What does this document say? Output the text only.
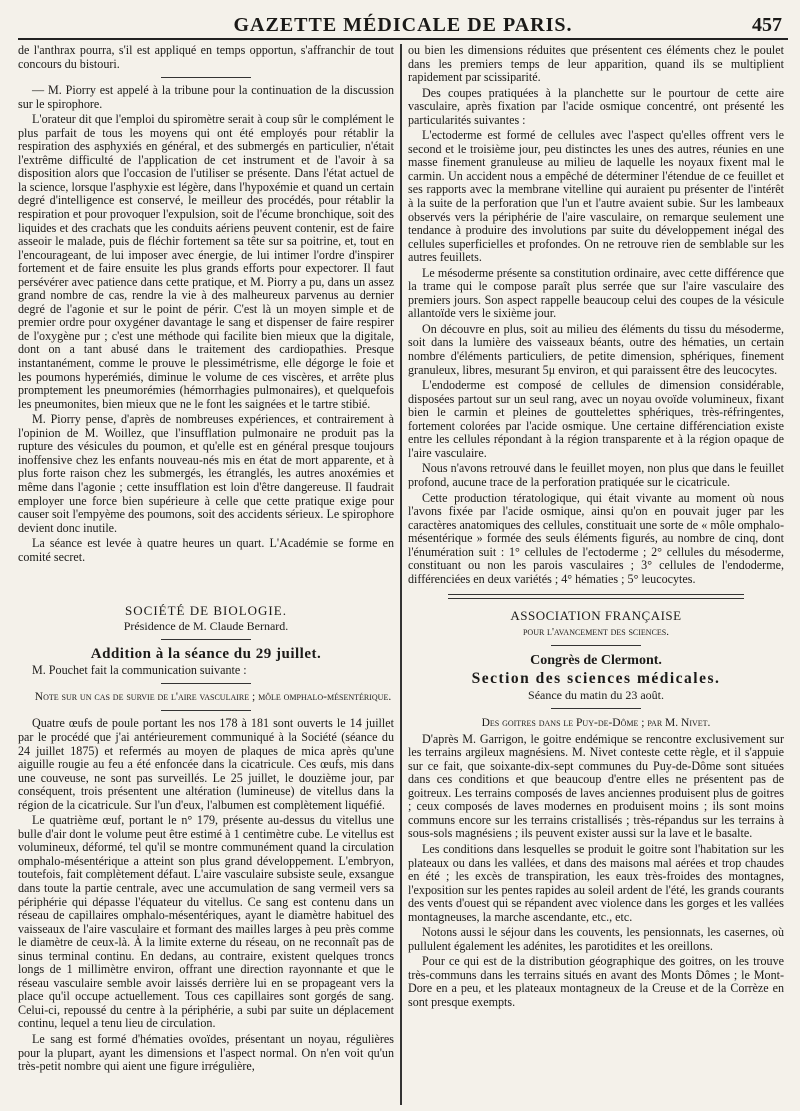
GAZETTE MÉDICALE DE PARIS.	457

de l'anthrax pourra, s'il est appliqué en temps opportun, s'affranchir de tout concours du bistouri.

— M. Piorry est appelé à la tribune pour la continuation de la discussion sur le spirophore.

L'orateur dit que l'emploi du spiromètre serait à coup sûr le complément le plus parfait de tous les moyens qui ont été employés pour rétablir la respiration des asphyxiés en général, et des submergés en particulier, n'était l'extrême difficulté de l'application de cet instrument et de l'avoir à sa disposition alors que l'occasion de l'utiliser se présente. Dans l'état actuel de la science, lorsque l'asphyxie est légère, dans l'hypoxémie et quand un certain degré d'intelligence est conservé, le meilleur des procédés, pour rétablir la respiration et pour provoquer l'expulsion, soit de l'écume bronchique, soit des liquides et des crachats que les conduits aériens peuvent contenir, est de faire asseoir le malade, puis de fléchir fortement sa tête sur sa poitrine, et, tout en l'encourageant, de lui imposer avec énergie, de lui intimer l'ordre d'inspirer fortement et de faire ensuite les plus grands efforts pour expectorer. Il faut persévérer avec patience dans cette pratique, et M. Piorry a pu, dans un assez grand nombre de cas, rendre la vie à des malheureux parvenus au dernier degré de l'agonie et sur le point de périr. C'est là un moyen simple et de premier ordre pour oxygéner davantage le sang et dispenser de faire respirer de l'oxygène pur ; c'est une méthode qui facilite bien mieux que la digitale, dont on a tant abusé dans le traitement des cardiopathies. Presque instantanément, comme le prouve le plessimétrisme, elle dégorge le foie et les poumons hyperémiés, diminue le volume de ces viscères, et arrête plus promptement les pneumorémies (hémorrhagies pulmonaires), et quelquefois les pneumonites, bien mieux que ne le font les saignées et le tartre stibié.

M. Piorry pense, d'après de nombreuses expériences, et contrairement à l'opinion de M. Woillez, que l'insufflation pulmonaire ne produit pas la rupture des vésicules du poumon, et qu'elle est en général presque toujours inoffensive chez les enfants nouveau-nés mis en état de mort apparente, et à plus forte raison chez les submergés, les étranglés, les autres anoxémies et même dans l'agonie ; cette insufflation est loin d'être dangereuse. Il faudrait employer une force bien supérieure à celle que cette pratique exige pour causer soit l'empyème des poumons, soit des accidents sérieux. Le spirophore devient donc inutile.

La séance est levée à quatre heures un quart. L'Académie se forme en comité secret.

SOCIÉTÉ DE BIOLOGIE.

Présidence de M. Claude Bernard.

Addition à la séance du 29 juillet.

M. Pouchet fait la communication suivante :

Note sur un cas de survie de l'aire vasculaire ; môle omphalo-mésentérique.

Quatre œufs de poule portant les nos 178 à 181 sont ouverts le 14 juillet par le procédé que j'ai antérieurement communiqué à la Société (séance du 24 juillet 1875) et refermés au moyen de plaques de mica après qu'une aiguille rougie au feu a été enfoncée dans la cicatricule. Ces œufs, mis dans une couveuse, ne sont pas surveillés. Le 25 juillet, le douzième jour, par conséquent, trois présentent une altération (lumineuse) de vitellus dans la région de la cicatricule. Sur l'un d'eux, l'albumen est complètement liquéfié.

Le quatrième œuf, portant le n° 179, présente au-dessus du vitellus une bulle d'air dont le volume peut être estimé à 1 centimètre cube. Le vitellus est volumineux, déformé, tel qu'il se montre communément quand la circulation omphalo-mésentérique a atteint son plus grand développement. L'embryon, toutefois, fait complètement défaut. L'aire vasculaire subsiste seule, exsangue dans toute la partie centrale, avec une accumulation de sang vermeil vers sa périphérie qui dépasse l'équateur du vitellus. Ce sang est contenu dans un réseau de capillaires omphalo-mésentériques, ayant le diamètre habituel des vaisseaux de l'aire vasculaire et formant des mailles larges à peu près comme le diamètre de ceux-là. À la limite externe du réseau, on ne reconnaît pas de sinus terminal continu. En dedans, au contraire, existent quelques troncs longs de 1 millimètre environ, offrant une direction rayonnante et que le réseau vasculaire semble avoir laissés derrière lui en se propageant vers la place qu'il occupe actuellement. Tous ces capillaires sont gorgés de sang. Celui-ci, repoussé du centre à la périphérie, a subi par suite un déplacement continu, lequel a tenu lieu de circulation.

Le sang est formé d'hématies ovoïdes, présentant un noyau, régulières pour la plupart, ayant les dimensions et l'aspect normal. On n'en voit qu'un très-petit nombre qui aient une figure irrégulière,

ou bien les dimensions réduites que présentent ces éléments chez le poulet dans les premiers temps de leur apparition, quand ils se multiplient rapidement par scissiparité.

Des coupes pratiquées à la planchette sur le pourtour de cette aire vasculaire, après fixation par l'acide osmique concentré, ont présenté les particularités suivantes :

L'ectoderme est formé de cellules avec l'aspect qu'elles offrent vers le second et le troisième jour, peu distinctes les unes des autres, réunies en une masse finement granuleuse au milieu de laquelle les noyaux fixent mal le carmin. Un accident nous a empêché de déterminer l'étendue de ce feuillet et ses rapports avec la membrane vitelline qui auraient pu présenter de l'intérêt à la suite de la perforation que l'un et l'autre avaient subie. Sur les lambeaux observés vers la périphérie de l'aire vasculaire, on remarque seulement une tendance à produire des involutions par suite du développement inégal des cellules superficielles et profondes. On ne retrouve rien de semblable sur les autres feuillets.

Le mésoderme présente sa constitution ordinaire, avec cette différence que la trame qui le compose paraît plus serrée que sur l'aire vasculaire des premiers jours. Son aspect rappelle beaucoup celui des coupes de la vésicule allantoïde vers le sixième jour.

On découvre en plus, soit au milieu des éléments du tissu du mésoderme, soit dans la lumière des vaisseaux béants, outre des hématies, un certain nombre d'éléments particuliers, de petite dimension, sphériques, finement granuleux, libres, mesurant 5μ environ, et qui paraissent être des leucocytes.

L'endoderme est composé de cellules de dimension considérable, disposées partout sur un seul rang, avec un noyau ovoïde volumineux, fixant bien le carmin et pleines de gouttelettes sphériques, très-réfringentes, fortement colorées par l'acide osmique. Une certaine différenciation existe entre les cellules répondant à la région transparente et à la région opaque de l'aire vasculaire.

Nous n'avons retrouvé dans le feuillet moyen, non plus que dans le feuillet profond, aucune trace de la perforation pratiquée sur le cicatricule.

Cette production tératologique, qui était vivante au moment où nous l'avons fixée par l'acide osmique, ainsi qu'on en pouvait juger par les caractères anatomiques des cellules, constituait une sorte de « môle omphalo-mésentérique » formée des seuls éléments figurés, au nombre de cinq, dont l'énumération suit : 1° cellules de l'ectoderme ; 2° cellules du mésoderme, constituant ou non les parois vasculaires ; 3° cellules de l'endoderme, différenciées en deux variétés ; 4° hématies ; 5° leucocytes.

ASSOCIATION FRANÇAISE

pour l'avancement des sciences.

Congrès de Clermont.

Section des sciences médicales.

Séance du matin du 23 août.

Des goitres dans le Puy-de-Dôme ; par M. Nivet.

D'après M. Garrigon, le goitre endémique se rencontre exclusivement sur les terrains argileux magnésiens. M. Nivet conteste cette règle, et il s'appuie sur ce fait, que soixante-dix-sept communes du Puy-de-Dôme sont situées dans ces conditions et que beaucoup d'entre elles ne présentent pas de goitreux. Les terrains composés de laves anciennes produisent plus de goitres ; ceux composés de laves modernes en produisent moins ; ils sont moins communs encore sur les terrains cristallisés ; très-répandus sur les terrains à sous-sols magnésiens ; ils peuvent exister aussi sur la lave et le basalte.

Les conditions dans lesquelles se produit le goitre sont l'habitation sur les plateaux ou dans les vallées, et dans des maisons mal aérées et trop chaudes en été ; les excès de transpiration, les eaux très-froides des montagnes, l'exposition sur les pentes rapides au soleil ardent de l'été, les grands courants des vents d'ouest qui se répandent avec violence dans les gorges et les vallées montagneuses, la marche ascendante, etc., etc.

Notons aussi le séjour dans les couvents, les pensionnats, les casernes, où pullulent également les adénites, les parotidites et les oreillons.

Pour ce qui est de la distribution géographique des goitres, on les trouve très-communs dans les terrains situés en avant des Monts Dômes ; le Mont-Dore en a peu, et les plateaux montagneux de la Creuse et de la Corrèze en sont presque exempts.
